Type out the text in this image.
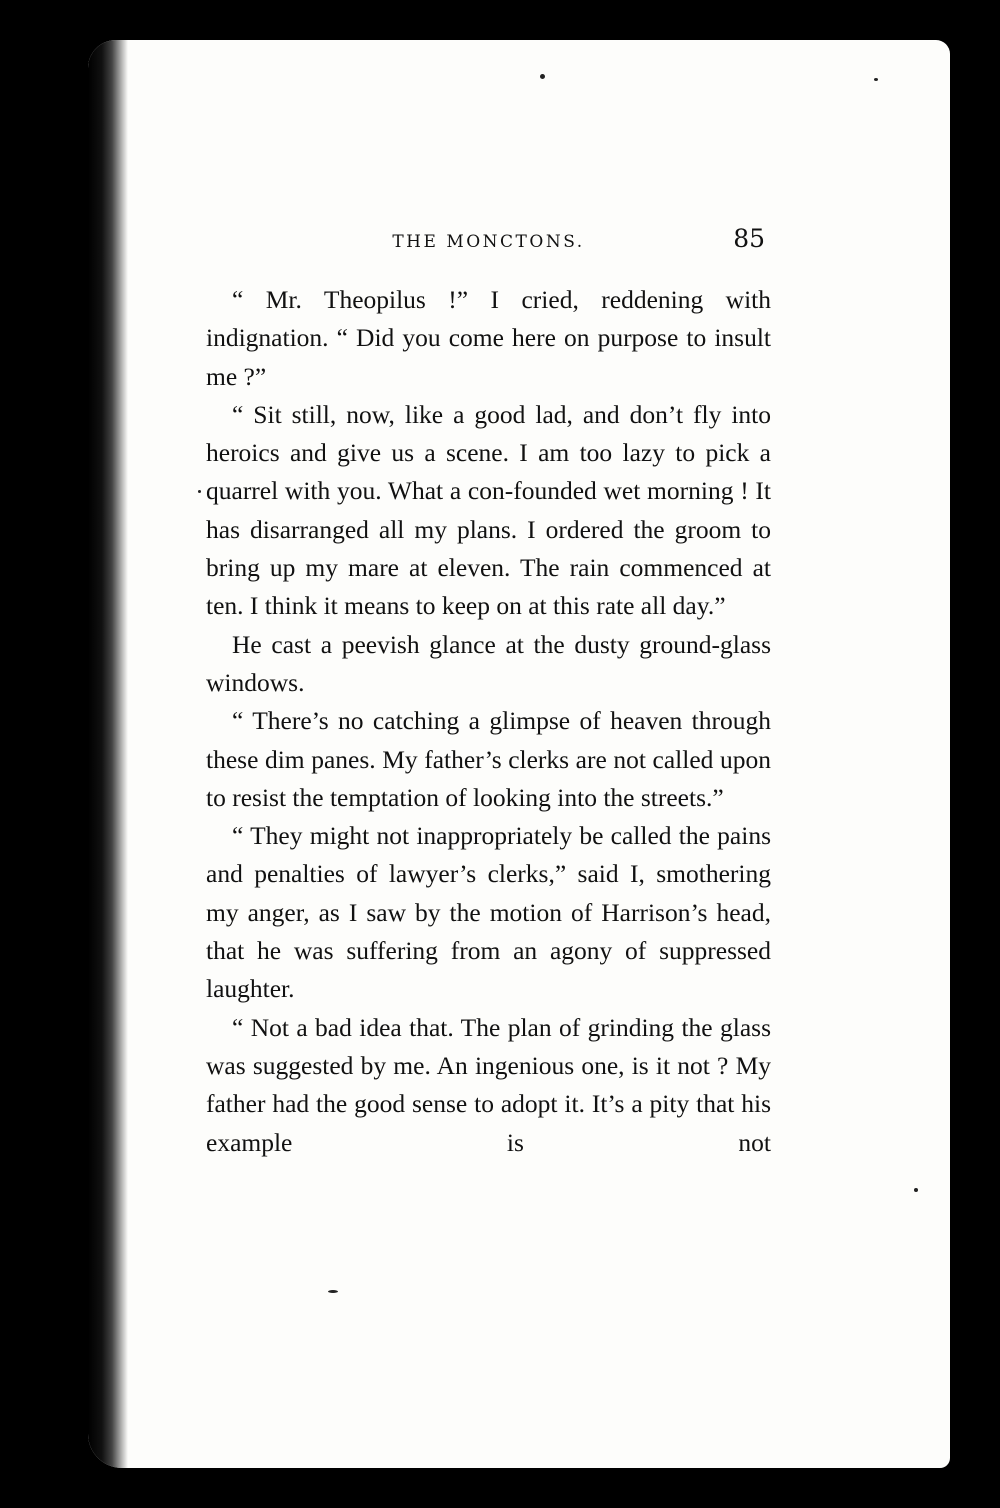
THE MONCTONS.	85

“ Mr. Theopilus !” I cried, reddening with indignation. “ Did you come here on purpose to insult me ?”

“ Sit still, now, like a good lad, and don’t fly into heroics and give us a scene. I am too lazy to pick a quarrel with you. What a con-founded wet morning ! It has disarranged all my plans. I ordered the groom to bring up my mare at eleven. The rain commenced at ten. I think it means to keep on at this rate all day.”

He cast a peevish glance at the dusty ground-glass windows.

“ There’s no catching a glimpse of heaven through these dim panes. My father’s clerks are not called upon to resist the temptation of looking into the streets.”

“ They might not inappropriately be called the pains and penalties of lawyer’s clerks,” said I, smothering my anger, as I saw by the motion of Harrison’s head, that he was suffering from an agony of suppressed laughter.

“ Not a bad idea that. The plan of grinding the glass was suggested by me. An ingenious one, is it not ? My father had the good sense to adopt it. It’s a pity that his example is not
